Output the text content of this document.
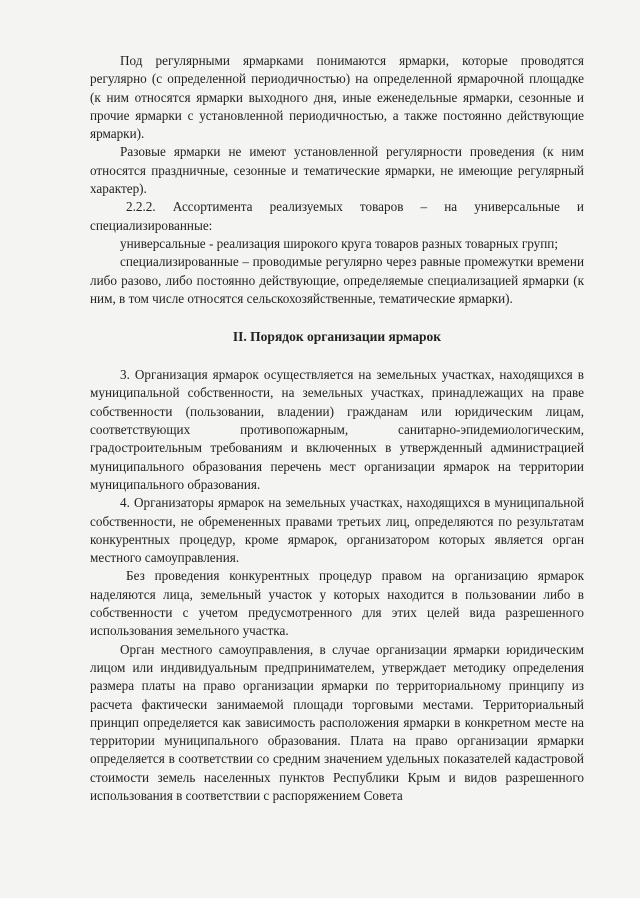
Под регулярными ярмарками понимаются ярмарки, которые проводятся регулярно (с определенной периодичностью) на определенной ярмарочной площадке (к ним относятся ярмарки выходного дня, иные еженедельные ярмарки, сезонные и прочие ярмарки с установленной периодичностью, а также постоянно действующие ярмарки).

Разовые ярмарки не имеют установленной регулярности проведения (к ним относятся праздничные, сезонные и тематические ярмарки, не имеющие регулярный характер).

2.2.2. Ассортимента реализуемых товаров – на универсальные и специализированные:

универсальные - реализация широкого круга товаров разных товарных групп;

специализированные – проводимые регулярно через равные промежутки времени либо разово, либо постоянно действующие, определяемые специализацией ярмарки (к ним, в том числе относятся сельскохозяйственные, тематические ярмарки).

II. Порядок организации ярмарок

3. Организация ярмарок осуществляется на земельных участках, находящихся в муниципальной собственности, на земельных участках, принадлежащих на праве собственности (пользовании, владении) гражданам или юридическим лицам, соответствующих противопожарным, санитарно-эпидемиологическим, градостроительным требованиям и включенных в утвержденный администрацией муниципального образования перечень мест организации ярмарок на территории муниципального образования.

4. Организаторы ярмарок на земельных участках, находящихся в муниципальной собственности, не обремененных правами третьих лиц, определяются по результатам конкурентных процедур, кроме ярмарок, организатором которых является орган местного самоуправления.

Без проведения конкурентных процедур правом на организацию ярмарок наделяются лица, земельный участок у которых находится в пользовании либо в собственности с учетом предусмотренного для этих целей вида разрешенного использования земельного участка.

Орган местного самоуправления, в случае организации ярмарки юридическим лицом или индивидуальным предпринимателем, утверждает методику определения размера платы на право организации ярмарки по территориальному принципу из расчета фактически занимаемой площади торговыми местами. Территориальный принцип определяется как зависимость расположения ярмарки в конкретном месте на территории муниципального образования. Плата на право организации ярмарки определяется в соответствии со средним значением удельных показателей кадастровой стоимости земель населенных пунктов Республики Крым и видов разрешенного использования в соответствии с распоряжением Совета
